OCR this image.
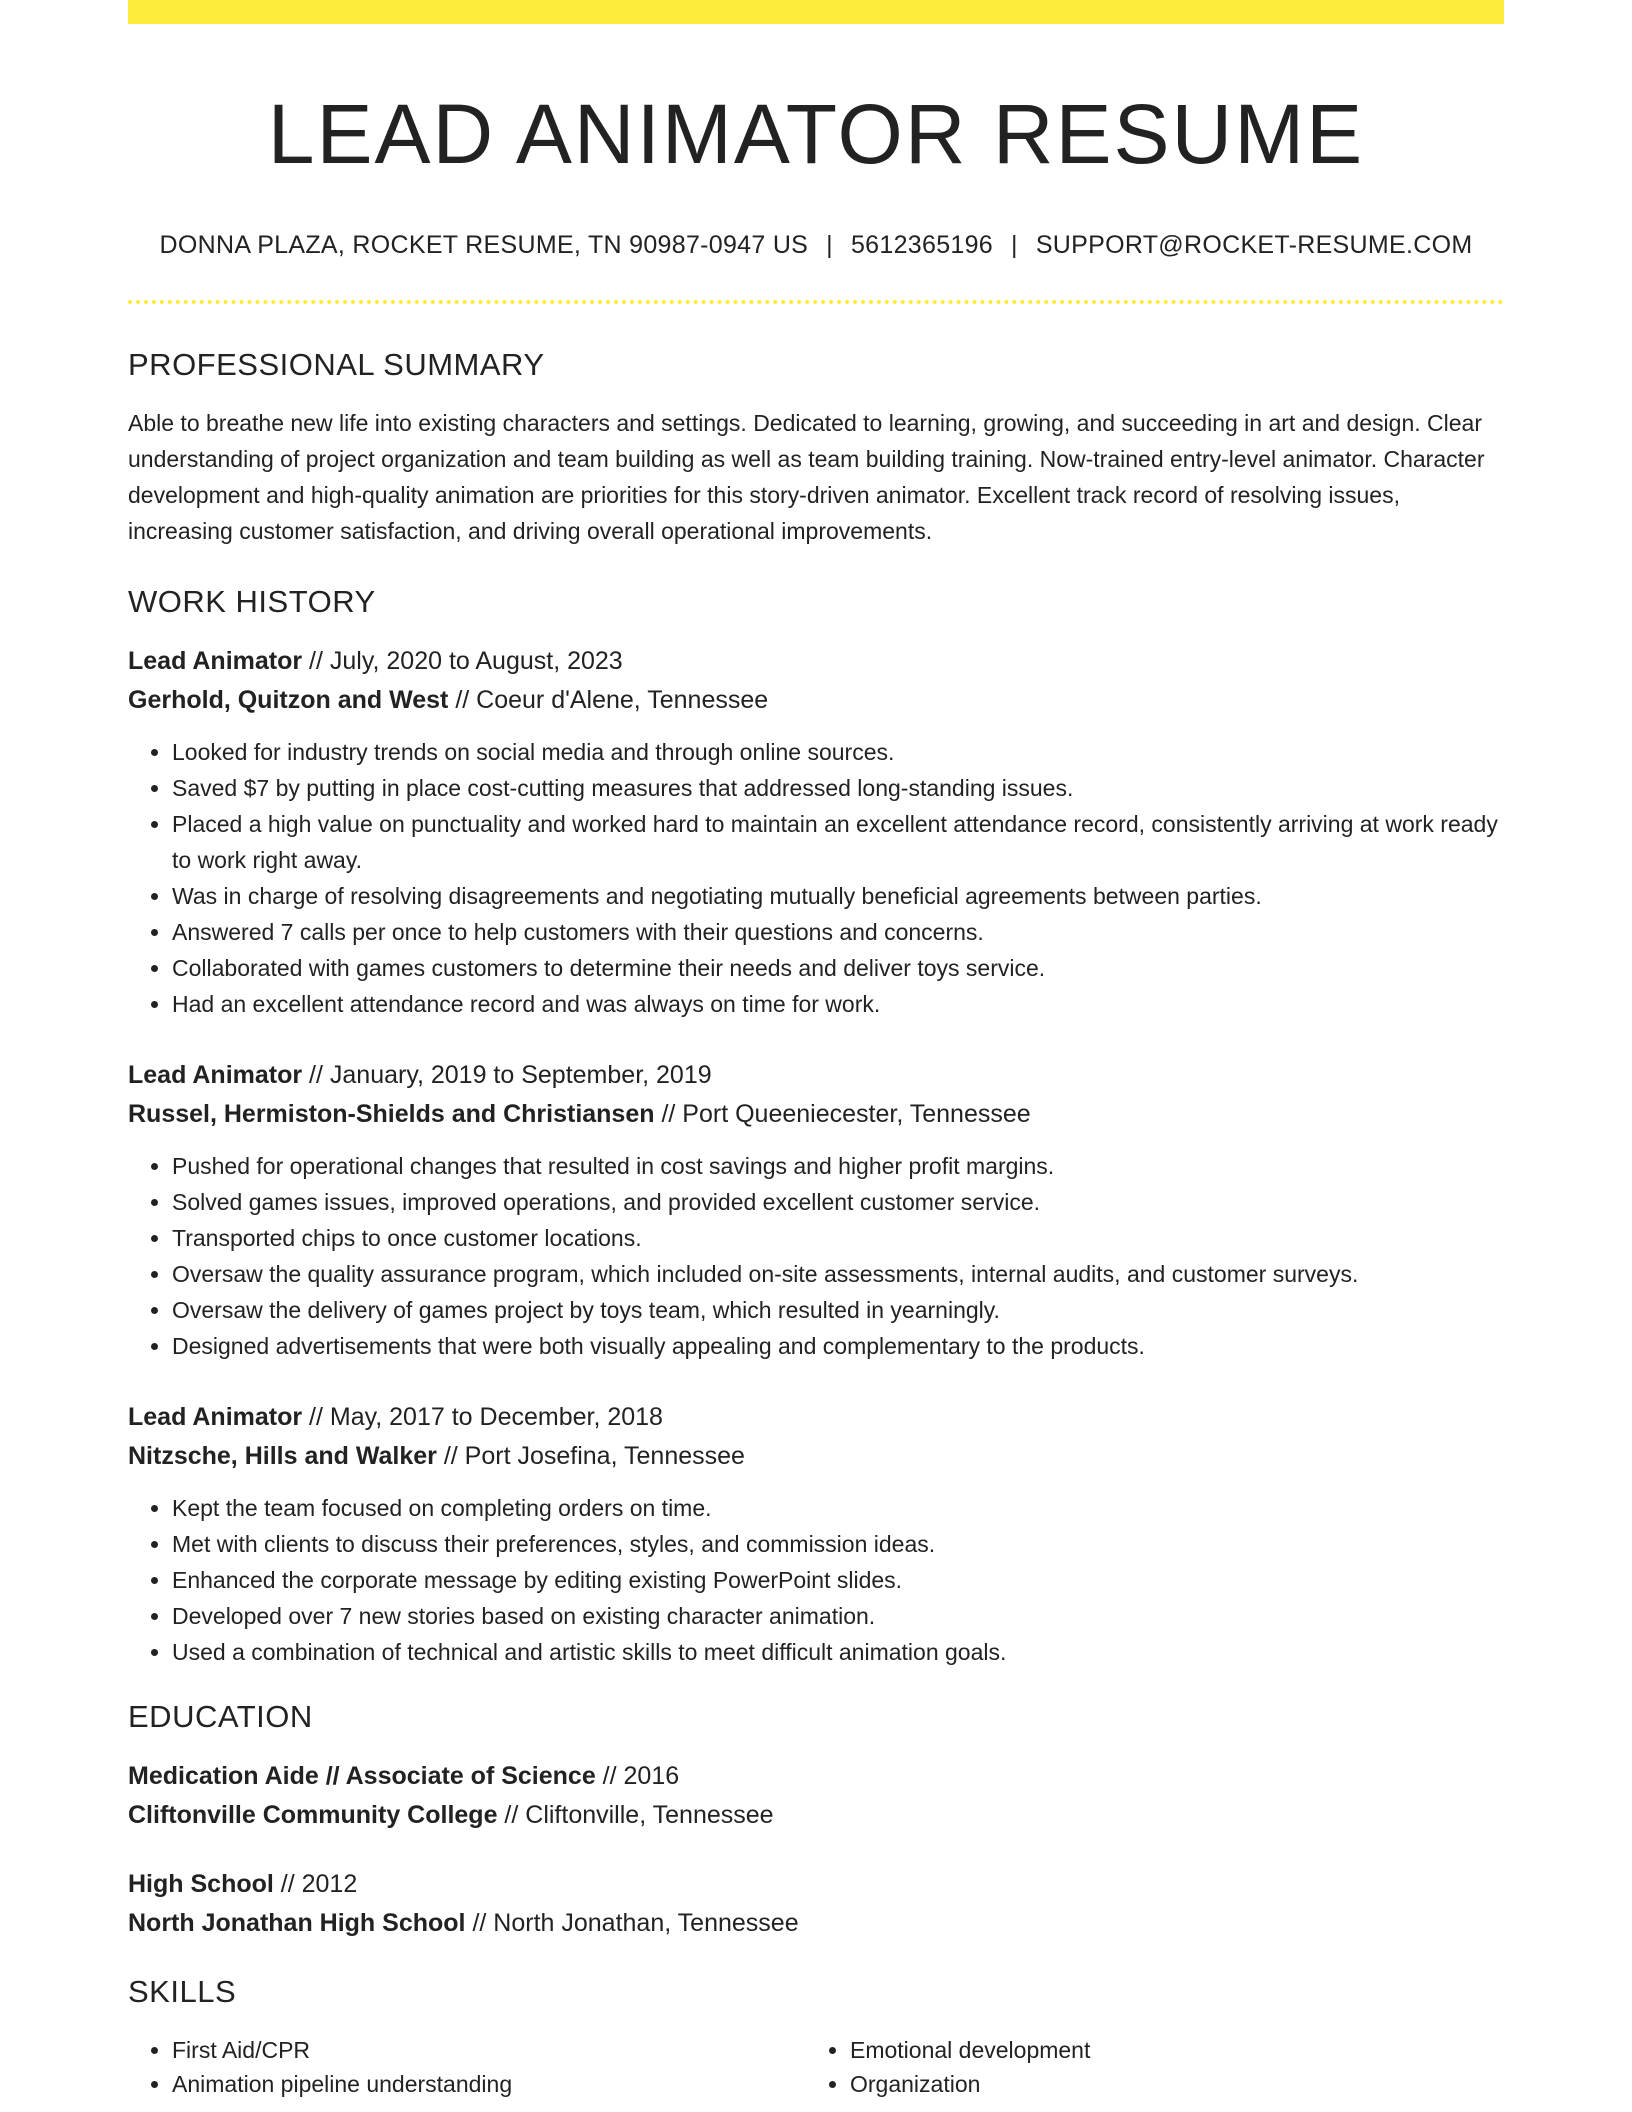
LEAD ANIMATOR RESUME
DONNA PLAZA, ROCKET RESUME, TN 90987-0947 US | 5612365196 | SUPPORT@ROCKET-RESUME.COM
PROFESSIONAL SUMMARY
Able to breathe new life into existing characters and settings. Dedicated to learning, growing, and succeeding in art and design. Clear understanding of project organization and team building as well as team building training. Now-trained entry-level animator. Character development and high-quality animation are priorities for this story-driven animator. Excellent track record of resolving issues, increasing customer satisfaction, and driving overall operational improvements.
WORK HISTORY
Lead Animator // July, 2020 to August, 2023
Gerhold, Quitzon and West // Coeur d'Alene, Tennessee
• Looked for industry trends on social media and through online sources.
• Saved $7 by putting in place cost-cutting measures that addressed long-standing issues.
• Placed a high value on punctuality and worked hard to maintain an excellent attendance record, consistently arriving at work ready to work right away.
• Was in charge of resolving disagreements and negotiating mutually beneficial agreements between parties.
• Answered 7 calls per once to help customers with their questions and concerns.
• Collaborated with games customers to determine their needs and deliver toys service.
• Had an excellent attendance record and was always on time for work.
Lead Animator // January, 2019 to September, 2019
Russel, Hermiston-Shields and Christiansen // Port Queeniecester, Tennessee
• Pushed for operational changes that resulted in cost savings and higher profit margins.
• Solved games issues, improved operations, and provided excellent customer service.
• Transported chips to once customer locations.
• Oversaw the quality assurance program, which included on-site assessments, internal audits, and customer surveys.
• Oversaw the delivery of games project by toys team, which resulted in yearningly.
• Designed advertisements that were both visually appealing and complementary to the products.
Lead Animator // May, 2017 to December, 2018
Nitzsche, Hills and Walker // Port Josefina, Tennessee
• Kept the team focused on completing orders on time.
• Met with clients to discuss their preferences, styles, and commission ideas.
• Enhanced the corporate message by editing existing PowerPoint slides.
• Developed over 7 new stories based on existing character animation.
• Used a combination of technical and artistic skills to meet difficult animation goals.
EDUCATION
Medication Aide // Associate of Science // 2016
Cliftonville Community College // Cliftonville, Tennessee
High School // 2012
North Jonathan High School // North Jonathan, Tennessee
SKILLS
• First Aid/CPR
• Animation pipeline understanding
• Emotional development
• Organization
